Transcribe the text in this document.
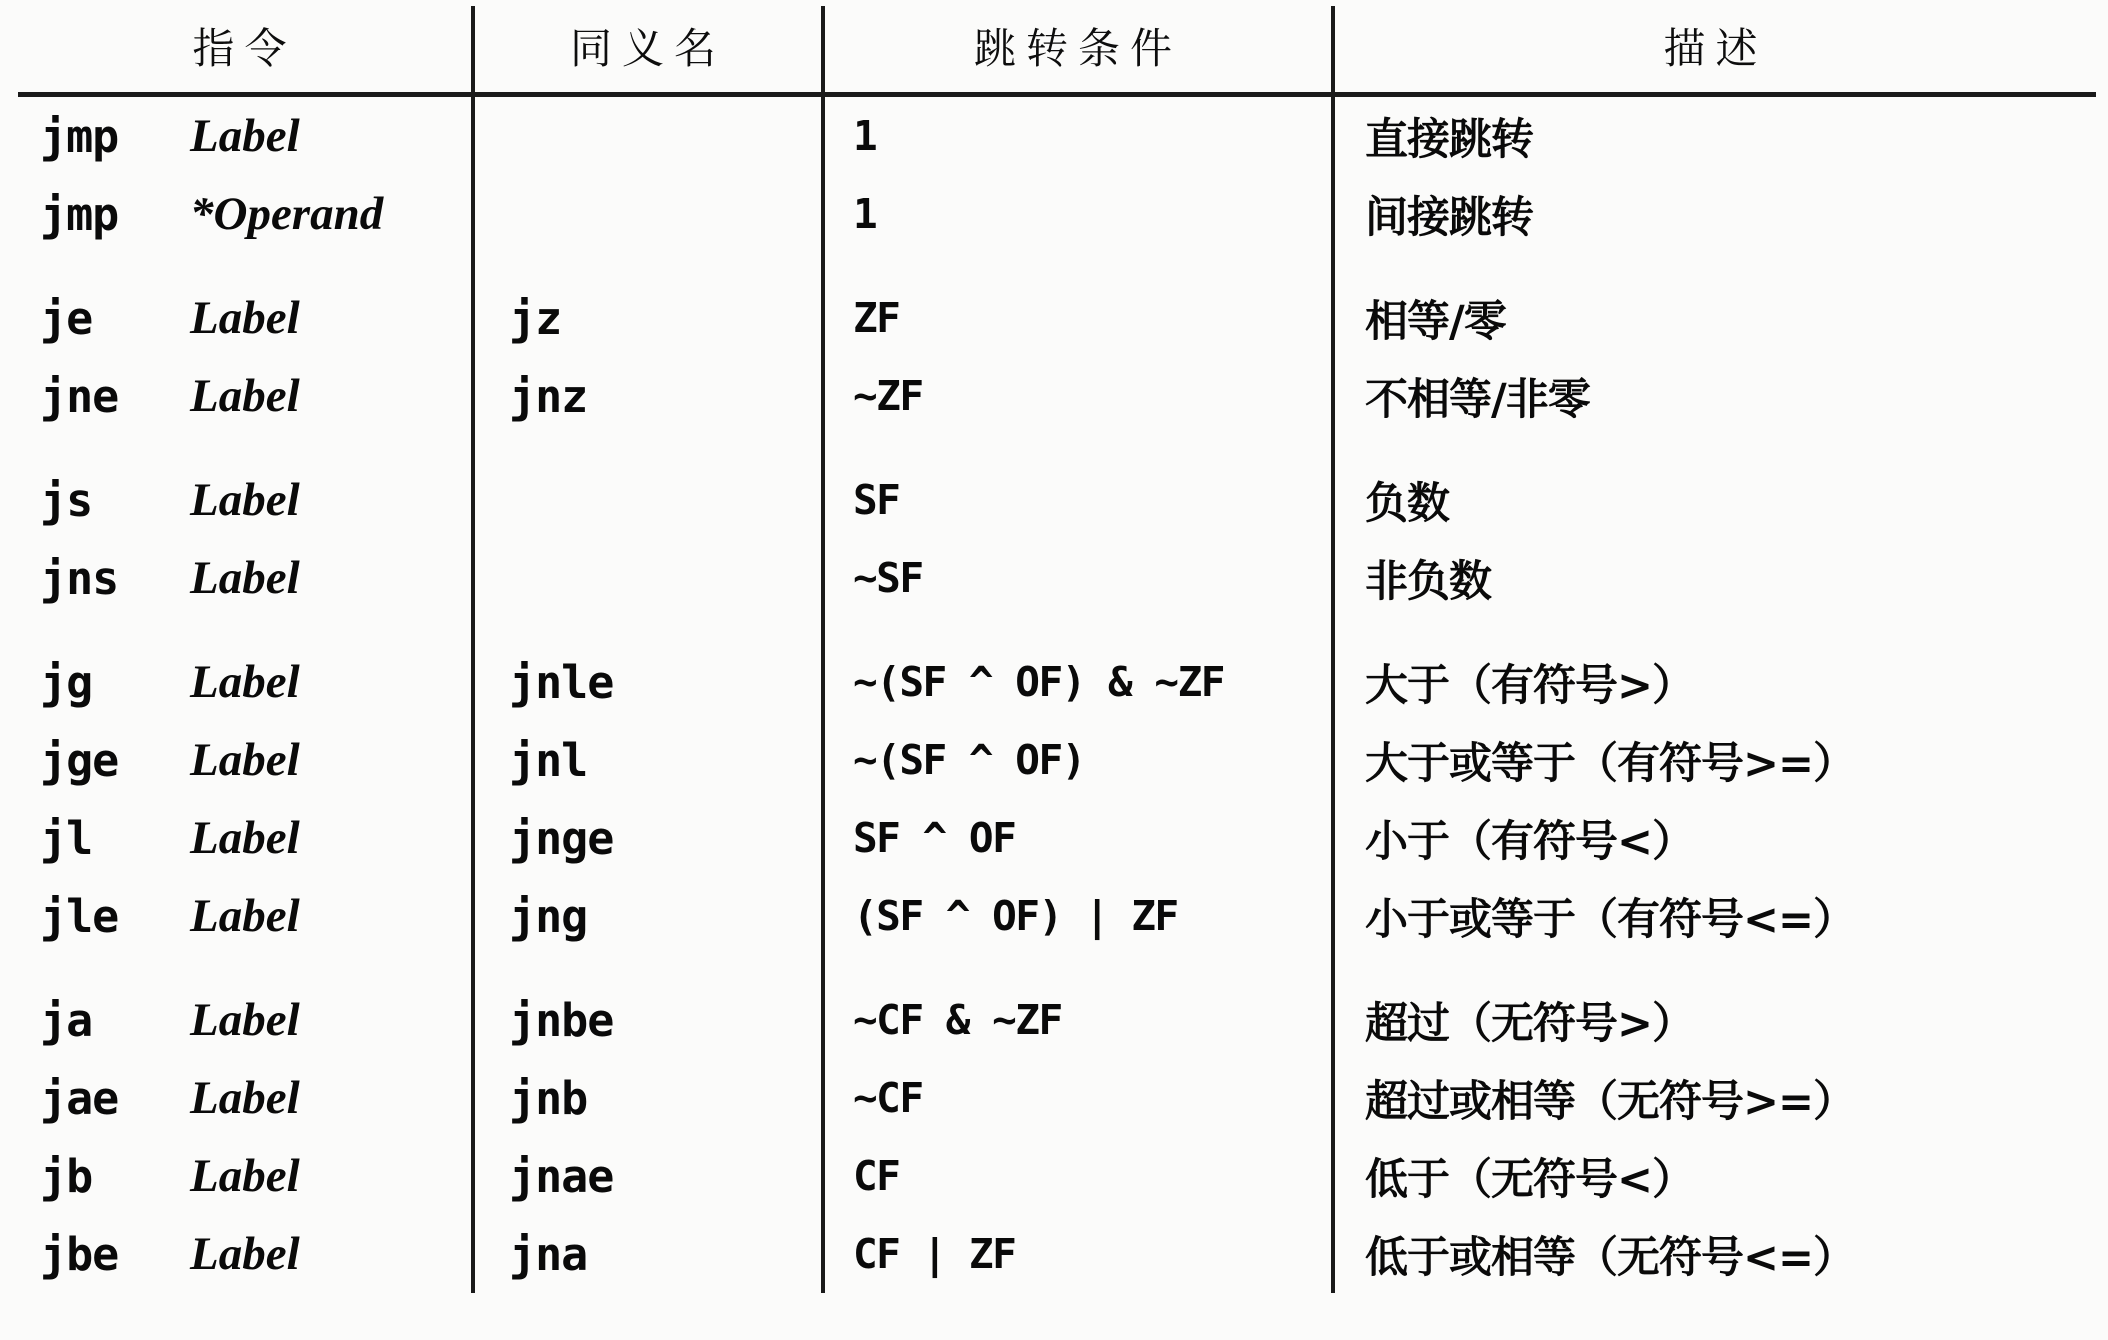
指令	同义名	跳转条件	描述

jmp Label		1	直接跳转

jmp *Operand		1	间接跳转

je Label	jz	ZF	相等/零

jne Label	jnz	~ZF	不相等/非零

js Label		SF	负数

jns Label		~SF	非负数

jg Label	jnle	~(SF ^ OF) & ~ZF	大于（有符号>）

jge Label	jnl	~(SF ^ OF)	大于或等于（有符号>=）

jl Label	jnge	SF ^ OF	小于（有符号<）

jle Label	jng	(SF ^ OF) | ZF	小于或等于（有符号<=）

ja Label	jnbe	~CF & ~ZF	超过（无符号>）

jae Label	jnb	~CF	超过或相等（无符号>=）

jb Label	jnae	CF	低于（无符号<）

jbe Label	jna	CF | ZF	低于或相等（无符号<=）
